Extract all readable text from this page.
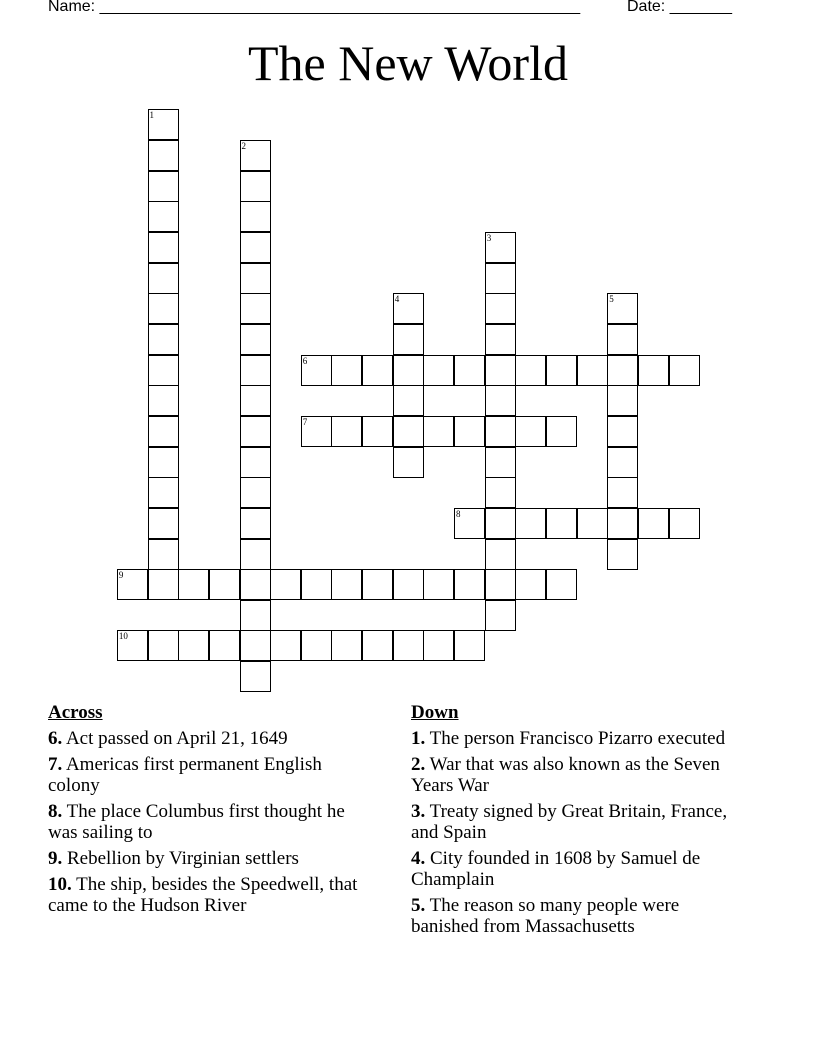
Name: ______________________________________________________	Date: _______
The New World
1
2
3
4	5
6
7
8
9
10
Across
6. Act passed on April 21, 1649
7. Americas first permanent English colony
8. The place Columbus first thought he was sailing to
9. Rebellion by Virginian settlers
10. The ship, besides the Speedwell, that came to the Hudson River
Down
1. The person Francisco Pizarro executed
2. War that was also known as the Seven Years War
3. Treaty signed by Great Britain, France, and Spain
4. City founded in 1608 by Samuel de Champlain
5. The reason so many people were banished from Massachusetts
